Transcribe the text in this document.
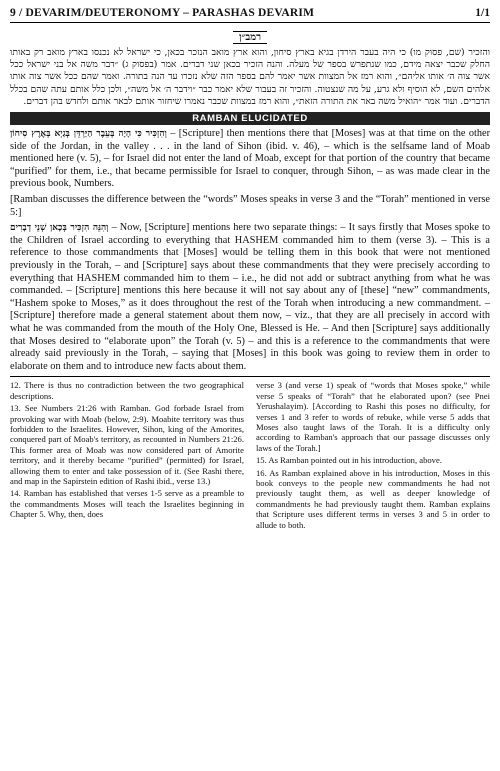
9 / DEVARIM/DEUTERONOMY – PARASHAS DEVARIM	1/1
רמב״ן
והזכיר (שם, פסוק מו) כי היה בעבר הירדן בגיא בארץ סיחון, והוא ארץ מואב הנזכר בכאן, כי ישראל לא נכנסו בארץ מואב רק באותו החלק שכבר יצאה מידם, כמו שנתפרש בספר של מעלה. והנה הזכיר בכאן שני דברים. אמר (בפסוק ג) ״דבר משה אל בני ישראל ככל אשר צוה ה׳ אותו אליהם״, והוא רמז אל המצוות אשר יאמר להם בספר הזה שלא נזכרו עד הנה בתורה. ואמר שהם ככל אשר צוה אותו אלהים השם, לא הוסיף ולא גרע, על מה שנצטוה. והזכיר זה בעבור שלא יאמר כבר ״וידבר ה׳ אל משה״, ולכן כלל אותם עתה שהם בכלל הדברים. ועוד אמר ״הואיל משה באר את התורה הזאת״, והוא רמז במצוות שכבר נאמרו שיחזור אותם לבאר אותם ולחדש בהן דברים.
RAMBAN ELUCIDATED

וְהִזְכִּיר כִּי הָיָה בְּעֵבֶר הַיַּרְדֵּן בְּגַיְא בְּאֶרֶץ סִיחוֹן – [Scripture] then mentions there that [Moses] was at that time on the other side of the Jordan, in the valley . . . in the land of Sihon (ibid. v. 46), – which is the selfsame land of Moab mentioned here (v. 5), – for Israel did not enter the land of Moab, except for that portion of the country that became “purified” for them, i.e., that became permissible for Israel to conquer, through Sihon, – as was made clear in the previous book, Numbers.

[Ramban discusses the difference between the “words” Moses speaks in verse 3 and the “Torah” mentioned in verse 5:]

וְהִנֵּה הִזְכִּיר בְּכָאן שְׁנֵי דְבָרִים – Now, [Scripture] mentions here two separate things: – It says firstly that Moses spoke to the Children of Israel according to everything that HASHEM commanded him to them (verse 3). – This is a reference to those commandments that [Moses] would be telling them in this book that were not mentioned previously in the Torah, – and [Scripture] says about these commandments that they were precisely according to everything that HASHEM commanded him to them – i.e., he did not add or subtract anything from what he was commanded. – [Scripture] mentions this here because it will not say about any of [these] “new” commandments, “Hashem spoke to Moses,” as it does throughout the rest of the Torah when introducing a new commandment. – [Scripture] therefore made a general statement about them now, – viz., that they are all precisely in accord with what he was commanded from the mouth of the Holy One, Blessed is He. – And then [Scripture] says additionally that Moses desired to “elaborate upon” the Torah (v. 5) – and this is a reference to the commandments that were already said previously in the Torah, – saying that [Moses] in this book was going to review them in order to elaborate on them and to introduce new facts about them.

12. There is thus no contradiction between the two geographical descriptions.

13. See Numbers 21:26 with Ramban. God forbade Israel from provoking war with Moab (below, 2:9). Moabite territory was thus forbidden to the Israelites. However, Sihon, king of the Amorites, conquered part of Moab's territory, as recounted in Numbers 21:26. This former area of Moab was now considered part of Amorite territory, and it thereby became “purified” (permitted) for Israel, allowing them to enter and take possession of it. (See Rashi there, and map in the Sapirstein edition of Rashi ibid., verse 13.)

14. Ramban has established that verses 1-5 serve as a preamble to the commandments Moses will teach the Israelites beginning in Chapter 5. Why, then, does

verse 3 (and verse 1) speak of “words that Moses spoke,” while verse 5 speaks of “Torah” that he elaborated upon? (see Pnei Yerushalayim). [According to Rashi this poses no difficulty, for verses 1 and 3 refer to words of rebuke, while verse 5 adds that Moses also taught laws of the Torah. It is a difficulty only according to Ramban's approach that our passage discusses only laws of the Torah.]

15. As Ramban pointed out in his introduction, above.

16. As Ramban explained above in his introduction, Moses in this book conveys to the people new commandments he had not previously taught them, as well as deeper knowledge of commandments he had previously taught them. Ramban explains that Scripture uses different terms in verses 3 and 5 in order to allude to both.
